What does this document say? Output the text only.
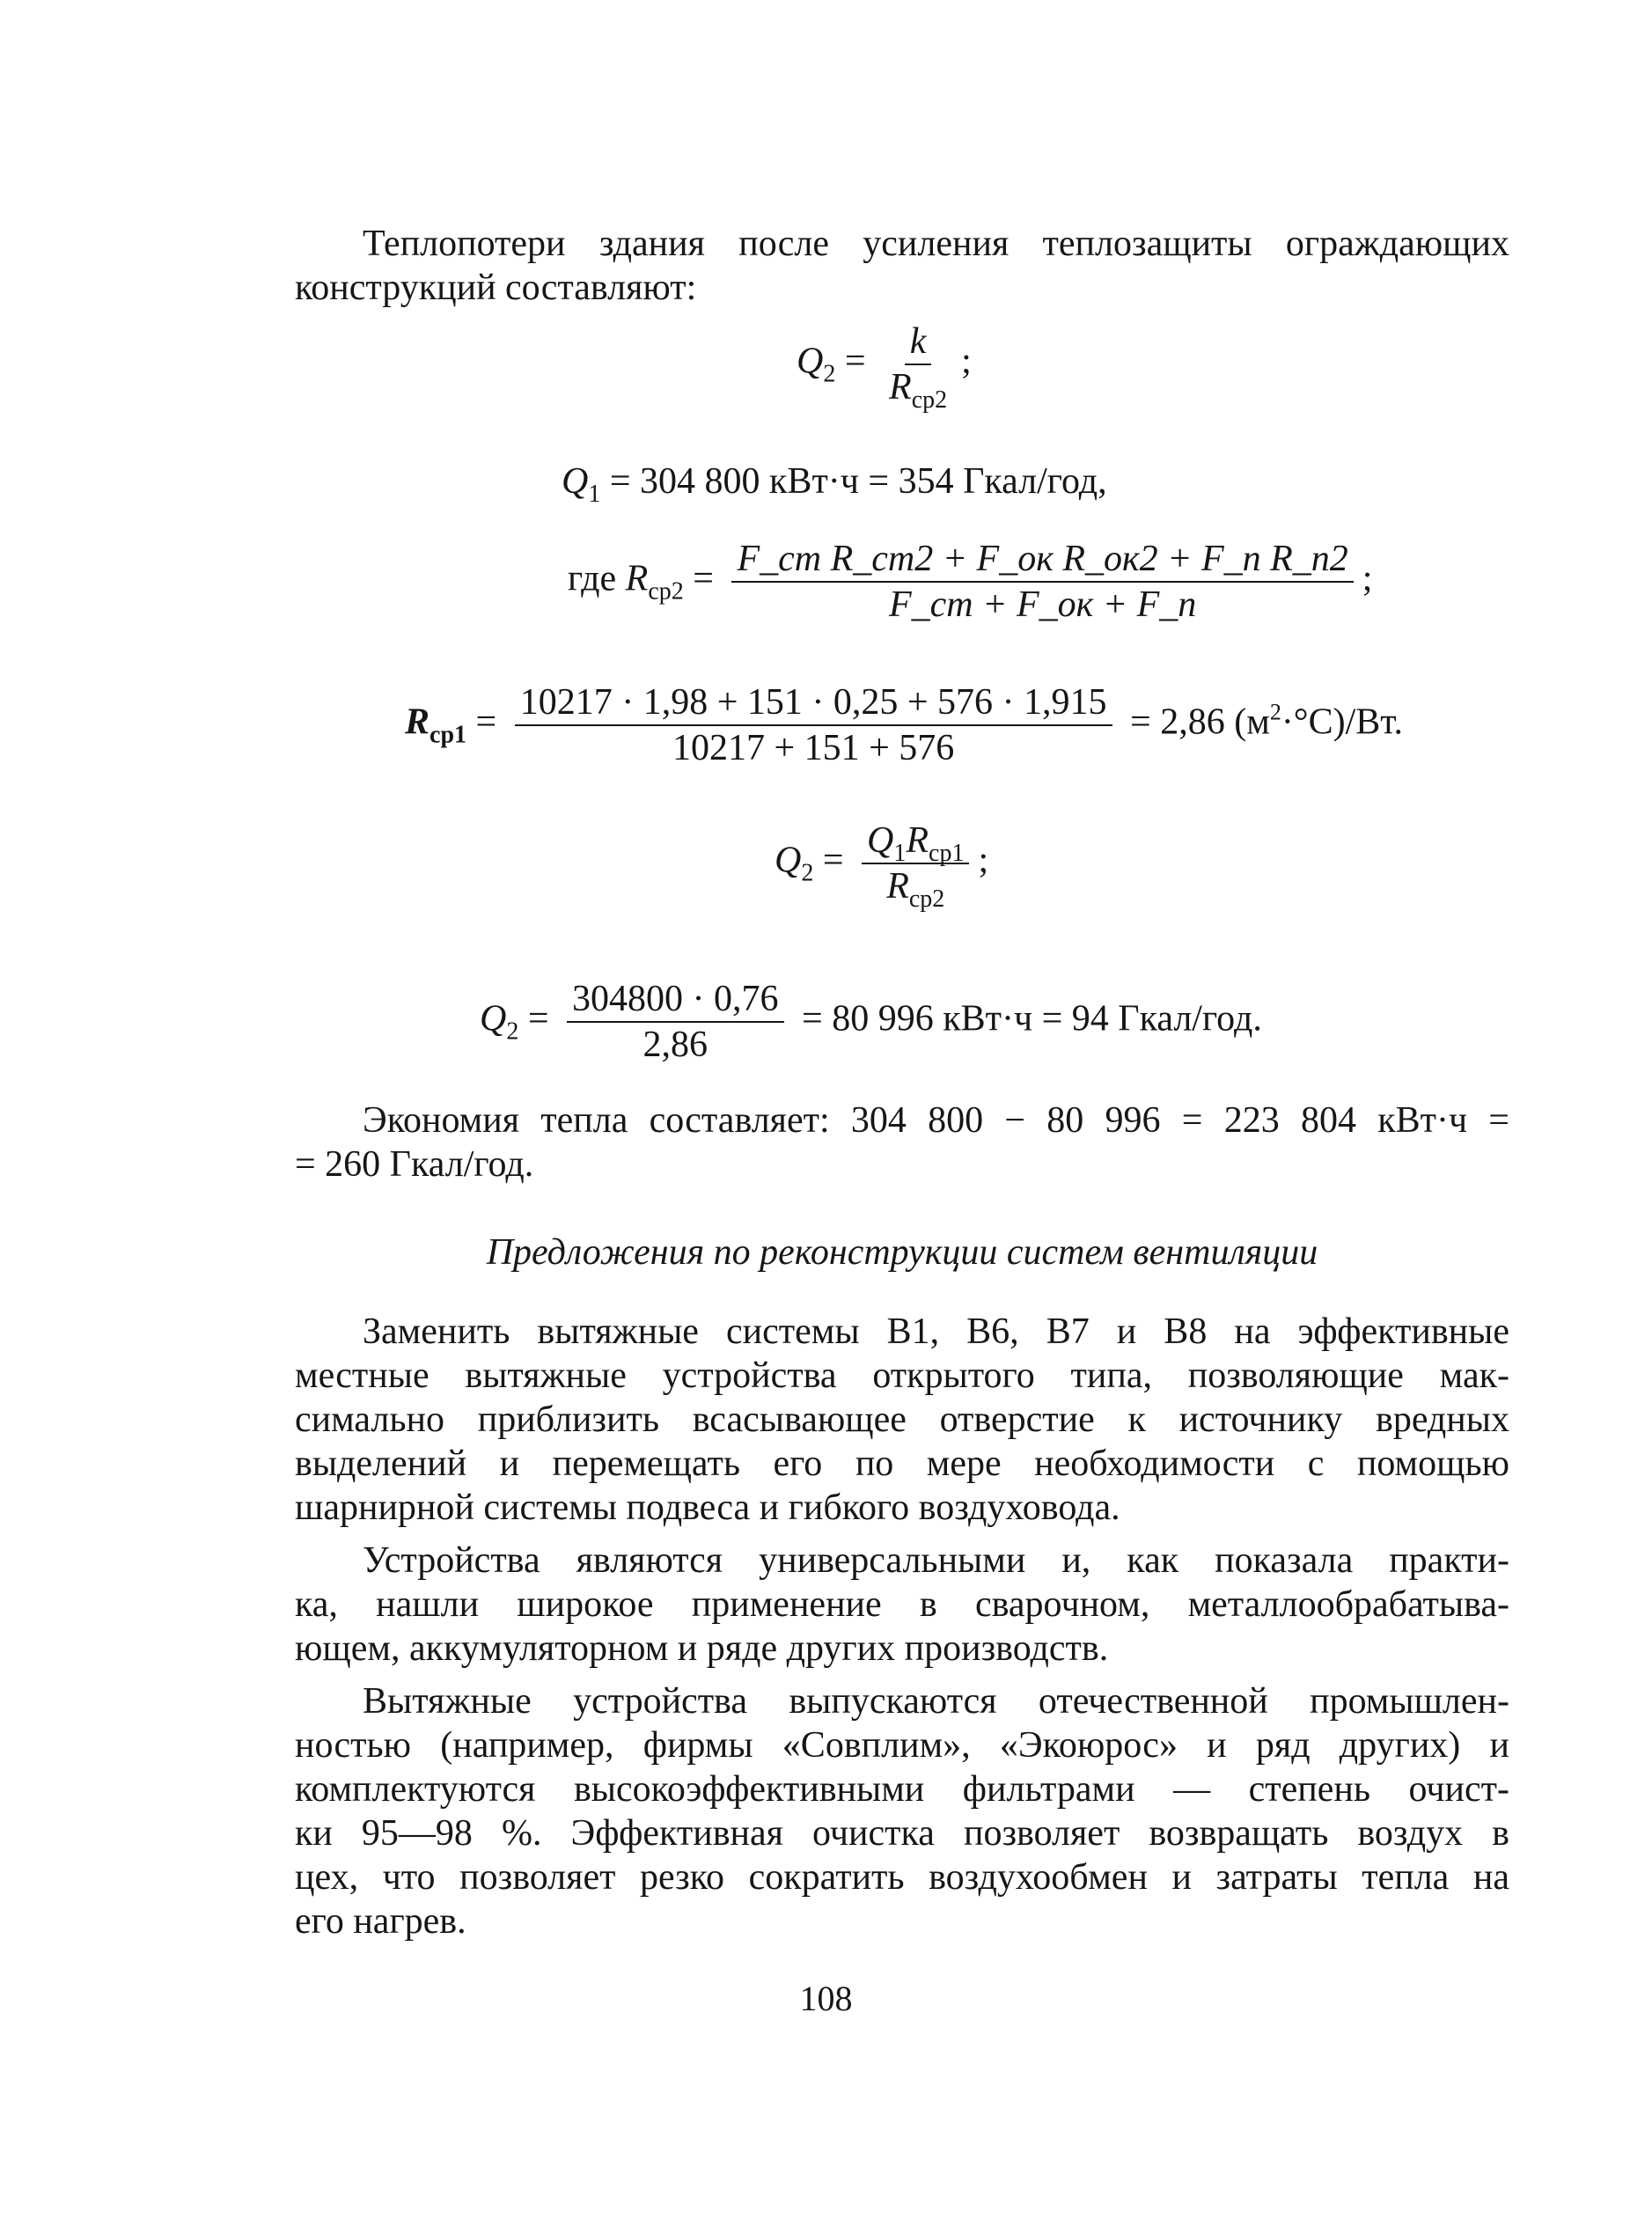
Теплопотери здания после усиления теплозащиты ограждающих
конструкций составляют:
$Q_2 = \frac{k}{R_{ср2}}$ ;
$Q_1 = 304$ 800 кВт·ч = 354 Гкал/год,
где $R_{ср2} = \frac{\text{F\_ст R\_ст2 + F\_ок R\_ок2 + F\_п R\_п2}}{F\_ст + F\_ок + F\_п}$ ;
$R_{ср1} = \frac{10217 \cdot 1,98 + 151 \cdot 0,25 + 576 \cdot 1,915}{10217 + 151 + 576} = 2,86$ $(м^2\cdot^\circ С)/Вт$.
$Q_2 = \frac{Q_1R_{ср1}}{R_{ср2}}$ ;
$Q_2 = \frac{304800 \cdot 0,76}{2,86} = 80$ 996 кВт·ч = 94 Гкал/год.
Экономия тепла составляет: 304 800 − 80 996 = 223 804 кВт·ч =
= 260 Гкал/год.
Предложения по реконструкции систем вентиляции
Заменить вытяжные системы В1, В6, В7 и В8 на эффективные
местные вытяжные устройства открытого типа, позволяющие мак-
симально приблизить всасывающее отверстие к источнику вредных
выделений и перемещать его по мере необходимости с помощью
шарнирной системы подвеса и гибкого воздуховода.
Устройства являются универсальными и, как показала практи-
ка, нашли широкое применение в сварочном, металлообрабатыва-
ющем, аккумуляторном и ряде других производств.
Вытяжные устройства выпускаются отечественной промышлен-
ностью (например, фирмы «Совплим», «Экоюрос» и ряд других) и
комплектуются высокоэффективными фильтрами — степень очист-
ки 95—98 %. Эффективная очистка позволяет возвращать воздух в
цех, что позволяет резко сократить воздухообмен и затраты тепла на
его нагрев.
108
